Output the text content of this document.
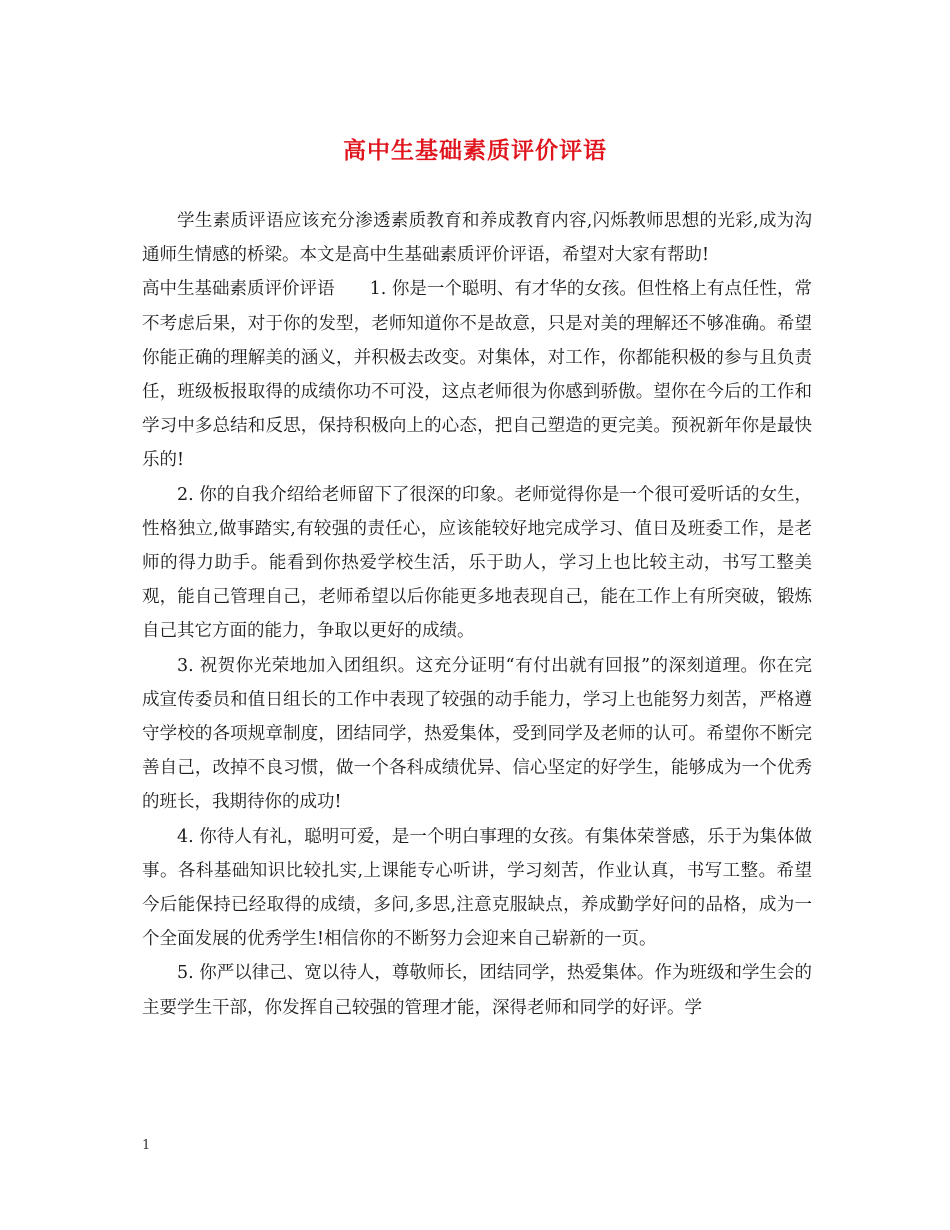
高中生基础素质评价评语

学生素质评语应该充分渗透素质教育和养成教育内容,闪烁教师思想的光彩,成为沟通师生情感的桥梁。本文是高中生基础素质评价评语，希望对大家有帮助!

高中生基础素质评价评语　　1. 你是一个聪明、有才华的女孩。但性格上有点任性，常不考虑后果，对于你的发型，老师知道你不是故意，只是对美的理解还不够准确。希望你能正确的理解美的涵义，并积极去改变。对集体，对工作，你都能积极的参与且负责任，班级板报取得的成绩你功不可没，这点老师很为你感到骄傲。望你在今后的工作和学习中多总结和反思，保持积极向上的心态，把自己塑造的更完美。预祝新年你是最快乐的!

2. 你的自我介绍给老师留下了很深的印象。老师觉得你是一个很可爱听话的女生，性格独立,做事踏实,有较强的责任心，应该能较好地完成学习、值日及班委工作，是老师的得力助手。能看到你热爱学校生活，乐于助人，学习上也比较主动，书写工整美观，能自己管理自己，老师希望以后你能更多地表现自己，能在工作上有所突破，锻炼自己其它方面的能力，争取以更好的成绩。

3. 祝贺你光荣地加入团组织。这充分证明“有付出就有回报”的深刻道理。你在完成宣传委员和值日组长的工作中表现了较强的动手能力，学习上也能努力刻苦，严格遵守学校的各项规章制度，团结同学，热爱集体，受到同学及老师的认可。希望你不断完善自己，改掉不良习惯，做一个各科成绩优异、信心坚定的好学生，能够成为一个优秀的班长，我期待你的成功!

4. 你待人有礼，聪明可爱，是一个明白事理的女孩。有集体荣誉感，乐于为集体做事。各科基础知识比较扎实,上课能专心听讲，学习刻苦，作业认真，书写工整。希望今后能保持已经取得的成绩，多问,多思,注意克服缺点，养成勤学好问的品格，成为一个全面发展的优秀学生!相信你的不断努力会迎来自己崭新的一页。

5. 你严以律己、宽以待人，尊敬师长，团结同学，热爱集体。作为班级和学生会的主要学生干部，你发挥自己较强的管理才能，深得老师和同学的好评。学

1
